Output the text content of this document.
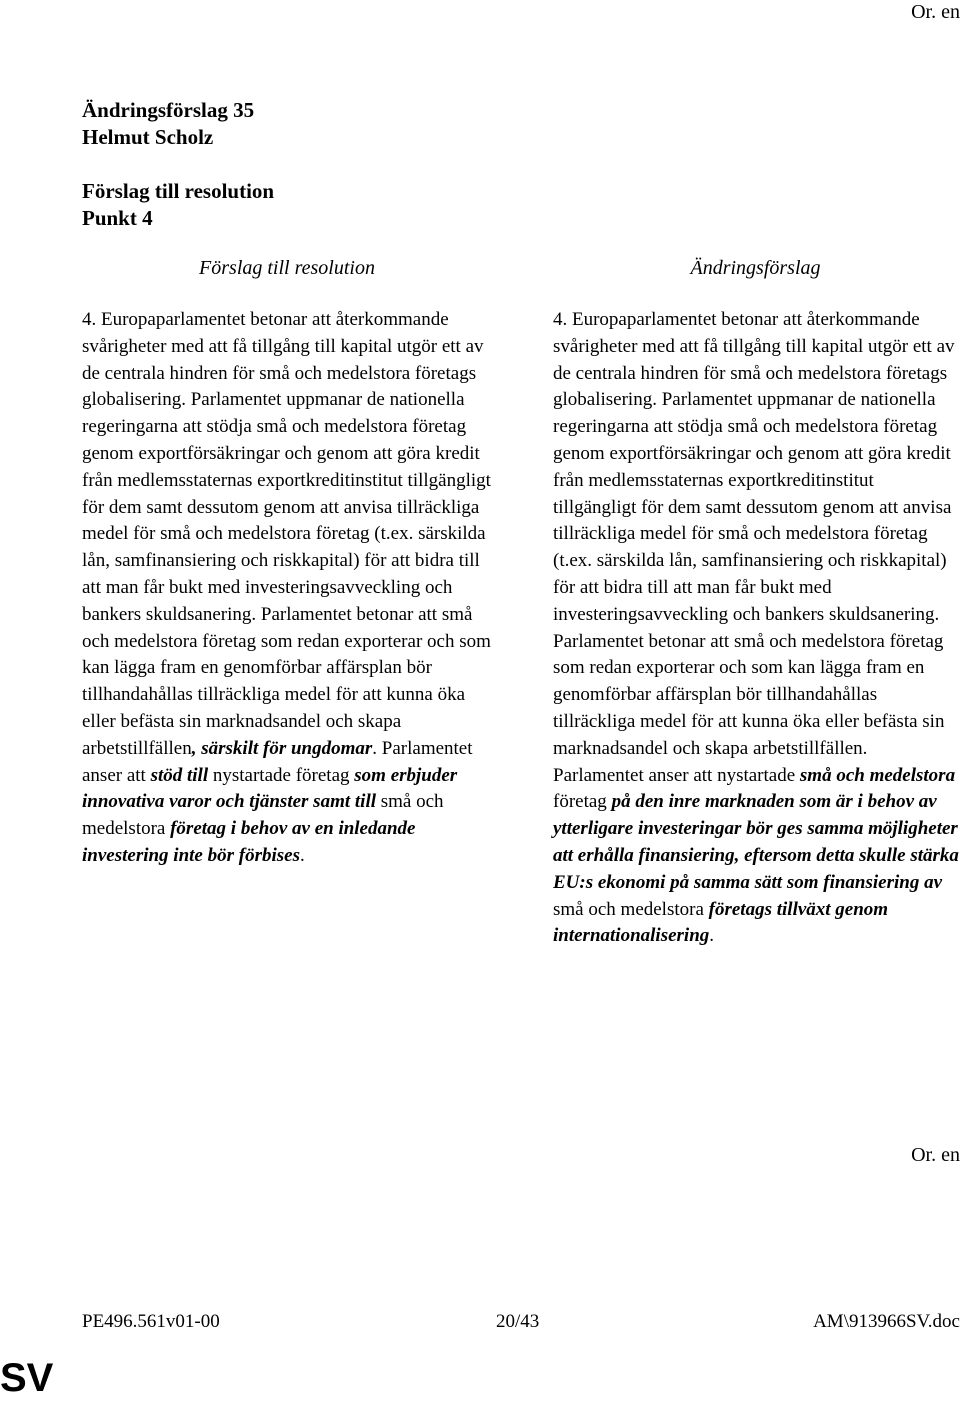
Or. en
Ändringsförslag 35
Helmut Scholz
Förslag till resolution
Punkt 4
Förslag till resolution	Ändringsförslag

4. Europaparlamentet betonar att återkommande svårigheter med att få tillgång till kapital utgör ett av de centrala hindren för små och medelstora företags globalisering. Parlamentet uppmanar de nationella regeringarna att stödja små och medelstora företag genom exportförsäkringar och genom att göra kredit från medlemsstaternas exportkreditinstitut tillgängligt för dem samt dessutom genom att anvisa tillräckliga medel för små och medelstora företag (t.ex. särskilda lån, samfinansiering och riskkapital) för att bidra till att man får bukt med investeringsavveckling och bankers skuldsanering. Parlamentet betonar att små och medelstora företag som redan exporterar och som kan lägga fram en genomförbar affärsplan bör tillhandahållas tillräckliga medel för att kunna öka eller befästa sin marknadsandel och skapa arbetstillfällen, särskilt för ungdomar. Parlamentet anser att stöd till nystartade företag som erbjuder innovativa varor och tjänster samt till små och medelstora företag i behov av en inledande investering inte bör förbises.

4. Europaparlamentet betonar att återkommande svårigheter med att få tillgång till kapital utgör ett av de centrala hindren för små och medelstora företags globalisering. Parlamentet uppmanar de nationella regeringarna att stödja små och medelstora företag genom exportförsäkringar och genom att göra kredit från medlemsstaternas exportkreditinstitut tillgängligt för dem samt dessutom genom att anvisa tillräckliga medel för små och medelstora företag (t.ex. särskilda lån, samfinansiering och riskkapital) för att bidra till att man får bukt med investeringsavveckling och bankers skuldsanering. Parlamentet betonar att små och medelstora företag som redan exporterar och som kan lägga fram en genomförbar affärsplan bör tillhandahållas tillräckliga medel för att kunna öka eller befästa sin marknadsandel och skapa arbetstillfällen. Parlamentet anser att nystartade små och medelstora företag på den inre marknaden som är i behov av ytterligare investeringar bör ges samma möjligheter att erhålla finansiering, eftersom detta skulle stärka EU:s ekonomi på samma sätt som finansiering av små och medelstora företags tillväxt genom internationalisering.

Or. en
PE496.561v01-00	20/43	AM\913966SV.doc
SV
